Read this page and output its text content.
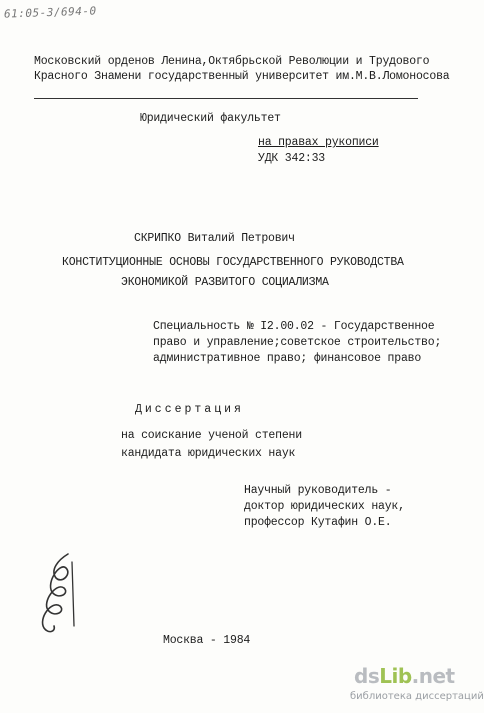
61:05-3/694-0
Московский орденов Ленина,Октябрьской Революции и Трудового
Красного Знамени государственный университет им.М.В.Ломоносова
Юридический факультет
на правах рукописи
УДК 342:33
СКРИПКО Виталий Петрович
КОНСТИТУЦИОННЫЕ ОСНОВЫ ГОСУДАРСТВЕННОГО РУКОВОДСТВА
ЭКОНОМИКОЙ РАЗВИТОГО СОЦИАЛИЗМА
Специальность № I2.00.02 - Государственное
право и управление;советское строительство;
административное право; финансовое право
Диссертация
на соискание ученой степени
кандидата юридических наук
Научный руководитель -
доктор юридических наук,
профессор Кутафин О.Е.
Москва - 1984
dsLib.net
библиотека диссертаций
